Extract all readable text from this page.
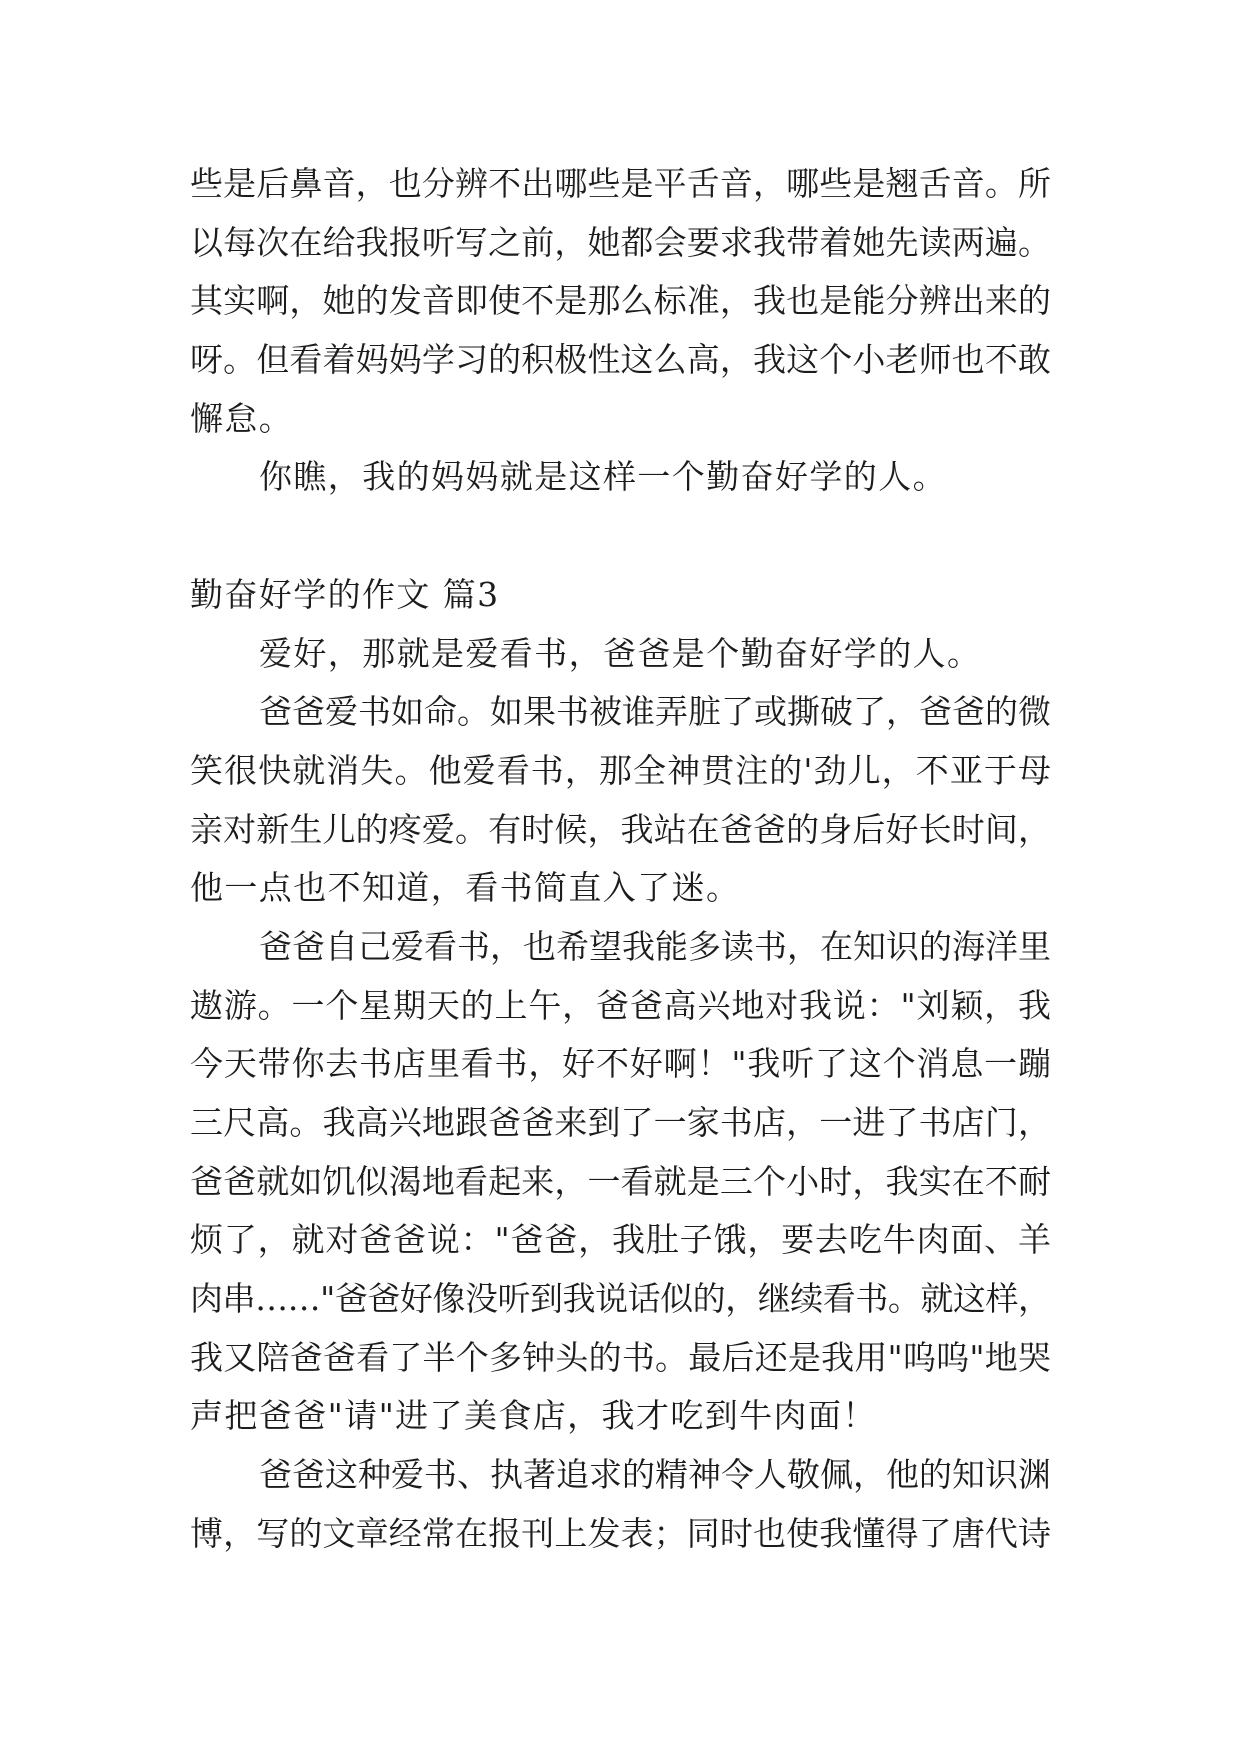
些是后鼻音，也分辨不出哪些是平舌音，哪些是翘舌音。所
以每次在给我报听写之前，她都会要求我带着她先读两遍。
其实啊，她的发音即使不是那么标准，我也是能分辨出来的
呀。但看着妈妈学习的积极性这么高，我这个小老师也不敢
懈怠。
你瞧，我的妈妈就是这样一个勤奋好学的人。
勤奋好学的作文 篇3
爱好，那就是爱看书，爸爸是个勤奋好学的人。
爸爸爱书如命。如果书被谁弄脏了或撕破了，爸爸的微
笑很快就消失。他爱看书，那全神贯注的'劲儿，不亚于母
亲对新生儿的疼爱。有时候，我站在爸爸的身后好长时间，
他一点也不知道，看书简直入了迷。
爸爸自己爱看书，也希望我能多读书，在知识的海洋里
遨游。一个星期天的上午，爸爸高兴地对我说："刘颖，我
今天带你去书店里看书，好不好啊！"我听了这个消息一蹦
三尺高。我高兴地跟爸爸来到了一家书店，一进了书店门，
爸爸就如饥似渴地看起来，一看就是三个小时，我实在不耐
烦了，就对爸爸说："爸爸，我肚子饿，要去吃牛肉面、羊
肉串……"爸爸好像没听到我说话似的，继续看书。就这样，
我又陪爸爸看了半个多钟头的书。最后还是我用"呜呜"地哭
声把爸爸"请"进了美食店，我才吃到牛肉面！
爸爸这种爱书、执著追求的精神令人敬佩，他的知识渊
博，写的文章经常在报刊上发表；同时也使我懂得了唐代诗
